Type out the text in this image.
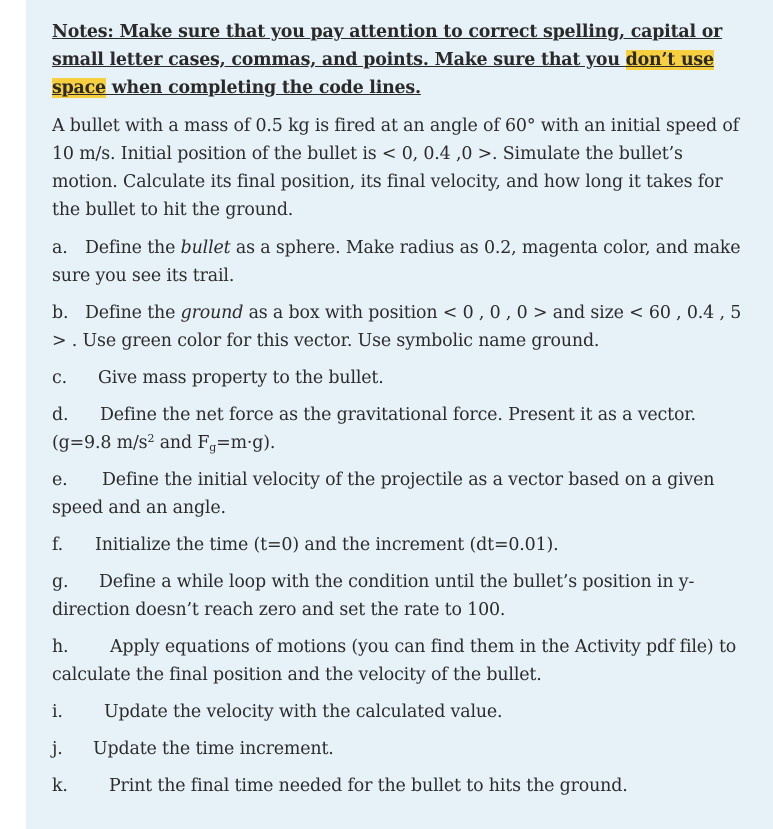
Notes: Make sure that you pay attention to correct spelling, capital or small letter cases, commas, and points. Make sure that you don’t use space when completing the code lines.

A bullet with a mass of 0.5 kg is fired at an angle of 60° with an initial speed of 10 m/s. Initial position of the bullet is < 0, 0.4 ,0 >. Simulate the bullet’s motion. Calculate its final position, its final velocity, and how long it takes for the bullet to hit the ground.

a. Define the bullet as a sphere. Make radius as 0.2, magenta color, and make sure you see its trail.

b. Define the ground as a box with position < 0 , 0 , 0 > and size < 60 , 0.4 , 5 > . Use green color for this vector. Use symbolic name ground.

c. Give mass property to the bullet.

d. Define the net force as the gravitational force. Present it as a vector. (g=9.8 $m/s^2$ and $F_g=m\cdot g$).

e. Define the initial velocity of the projectile as a vector based on a given speed and an angle.

f. Initialize the time (t=0) and the increment (dt=0.01).

g. Define a while loop with the condition until the bullet’s position in y-direction doesn’t reach zero and set the rate to 100.

h. Apply equations of motions (you can find them in the Activity pdf file) to calculate the final position and the velocity of the bullet.

i. Update the velocity with the calculated value.

j. Update the time increment.

k. Print the final time needed for the bullet to hits the ground.
